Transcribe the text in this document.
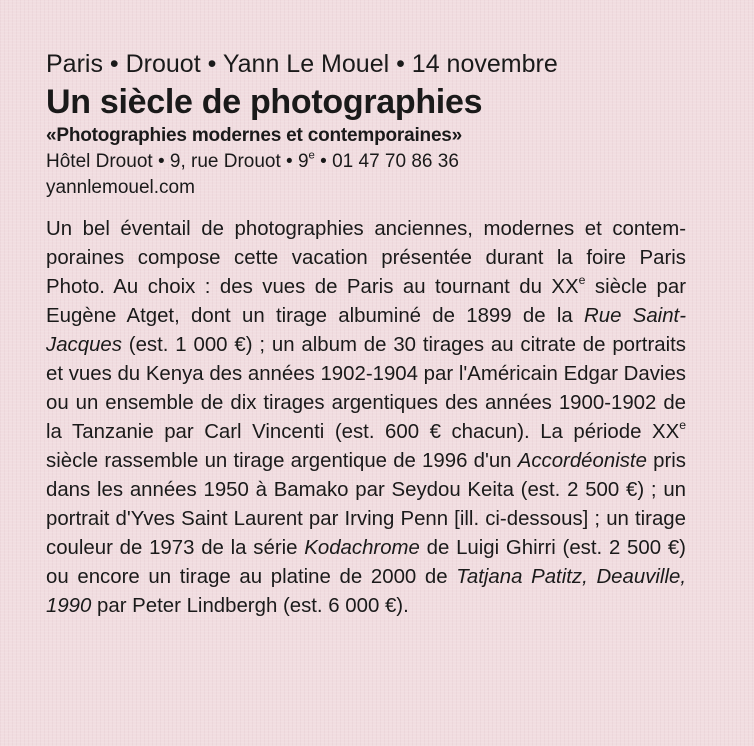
Paris • Drouot • Yann Le Mouel • 14 novembre

Un siècle de photographies

«Photographies modernes et contemporaines»

Hôtel Drouot • 9, rue Drouot • 9e • 01 47 70 86 36

yannlemouel.com

Un bel éventail de photographies anciennes, modernes et contem-poraines compose cette vacation présentée durant la foire Paris Photo. Au choix : des vues de Paris au tournant du XXe siècle par Eugène Atget, dont un tirage albuminé de 1899 de la Rue Saint-Jacques (est. 1 000 €) ; un album de 30 tirages au citrate de portraits et vues du Kenya des années 1902-1904 par l'Américain Edgar Davies ou un ensemble de dix tirages argentiques des années 1900-1902 de la Tanzanie par Carl Vincenti (est. 600 € chacun). La période XXe siècle rassemble un tirage argentique de 1996 d'un Accordéoniste pris dans les années 1950 à Bamako par Seydou Keita (est. 2 500 €) ; un portrait d'Yves Saint Laurent par Irving Penn [ill. ci-dessous] ; un tirage couleur de 1973 de la série Kodachrome de Luigi Ghirri (est. 2 500 €) ou encore un tirage au platine de 2000 de Tatjana Patitz, Deauville, 1990 par Peter Lindbergh (est. 6 000 €).
